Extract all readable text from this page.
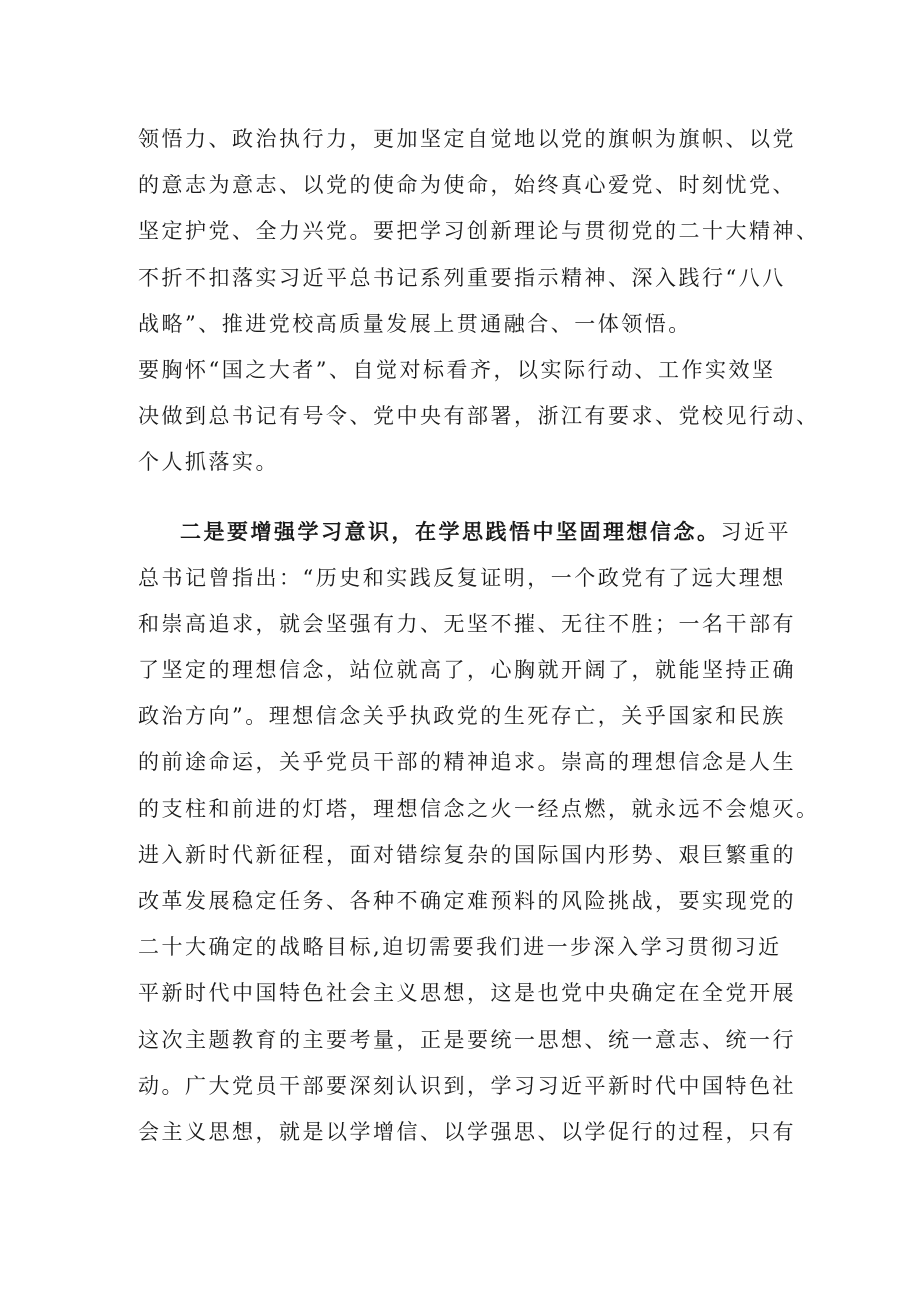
领悟力、政治执行力，更加坚定自觉地以党的旗帜为旗帜、以党
的意志为意志、以党的使命为使命，始终真心爱党、时刻忧党、
坚定护党、全力兴党。要把学习创新理论与贯彻党的二十大精神、
不折不扣落实习近平总书记系列重要指示精神、深入践行“八八
战略”、推进党校高质量发展上贯通融合、一体领悟。
要胸怀“国之大者”、自觉对标看齐，以实际行动、工作实效坚
决做到总书记有号令、党中央有部署，浙江有要求、党校见行动、
个人抓落实。
二是要增强学习意识，在学思践悟中坚固理想信念。习近平
总书记曾指出：“历史和实践反复证明，一个政党有了远大理想
和崇高追求，就会坚强有力、无坚不摧、无往不胜；一名干部有
了坚定的理想信念，站位就高了，心胸就开阔了，就能坚持正确
政治方向”。理想信念关乎执政党的生死存亡，关乎国家和民族
的前途命运，关乎党员干部的精神追求。崇高的理想信念是人生
的支柱和前进的灯塔，理想信念之火一经点燃，就永远不会熄灭。
进入新时代新征程，面对错综复杂的国际国内形势、艰巨繁重的
改革发展稳定任务、各种不确定难预料的风险挑战，要实现党的
二十大确定的战略目标,迫切需要我们进一步深入学习贯彻习近
平新时代中国特色社会主义思想，这是也党中央确定在全党开展
这次主题教育的主要考量，正是要统一思想、统一意志、统一行
动。广大党员干部要深刻认识到，学习习近平新时代中国特色社
会主义思想，就是以学增信、以学强思、以学促行的过程，只有
